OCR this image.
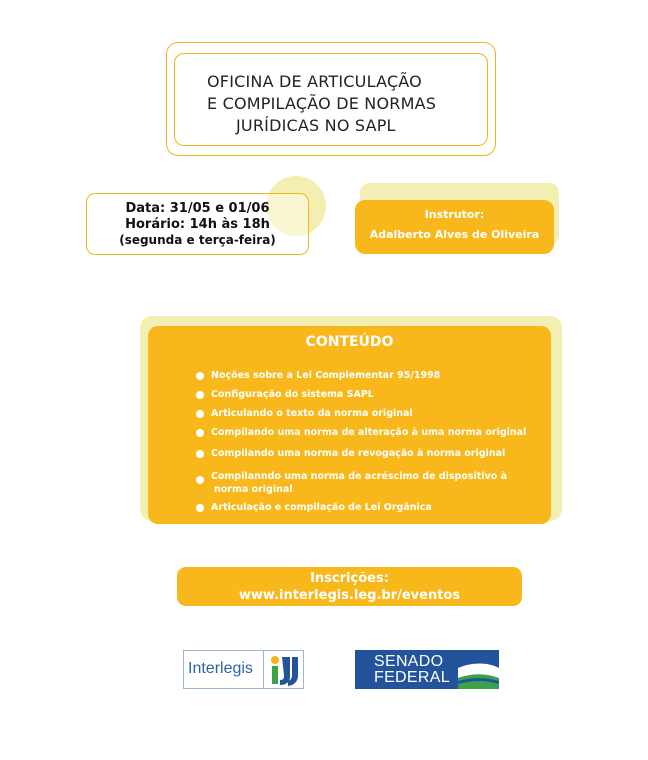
OFICINA DE ARTICULAÇÃO
E COMPILAÇÃO DE NORMAS
JURÍDICAS NO SAPL
Data: 31/05 e 01/06
Horário: 14h às 18h
(segunda e terça-feira)
Instrutor:
Adalberto Alves de Oliveira
CONTEÚDO
Noções sobre a Lei Complementar 95/1998
Configuração do sistema SAPL
Articulando o texto da norma original
Compilando uma norma de alteração à uma norma original
Compilando uma norma de revogação à norma original
Compilanndo uma norma de acréscimo de dispositivo à
norma original
Articulação e compilação de Lei Orgânica
Inscrições:
www.interlegis.leg.br/eventos
Interlegis	SENADO
FEDERAL
